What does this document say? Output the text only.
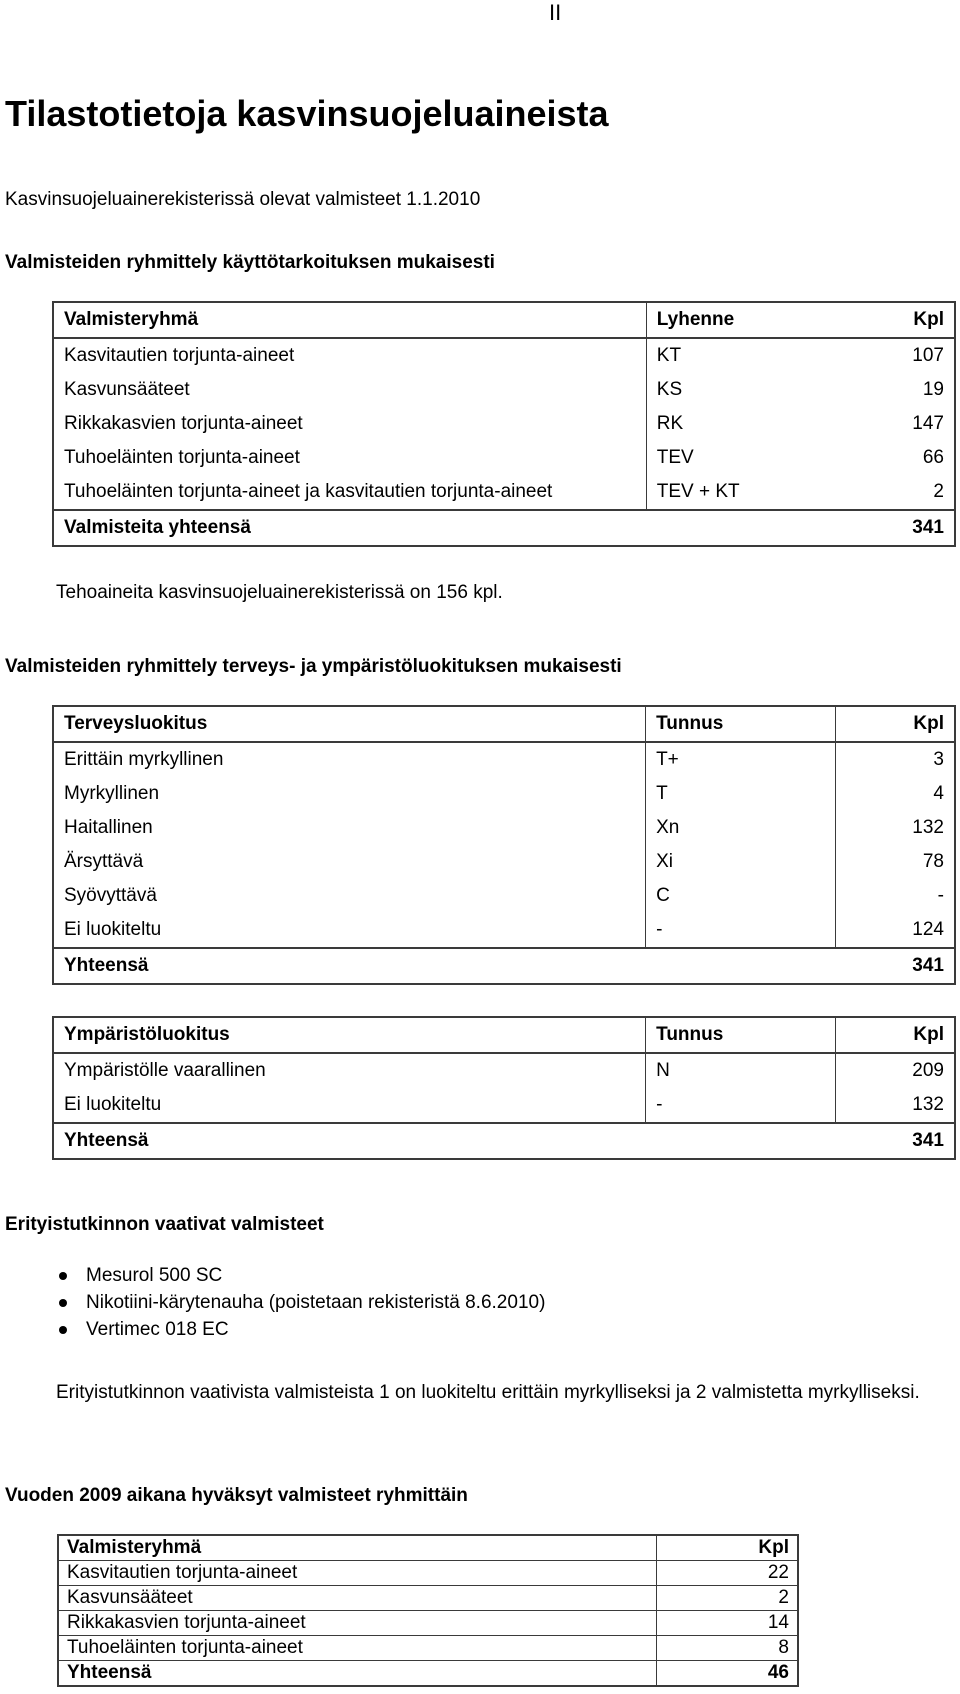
II
Tilastotietoja kasvinsuojeluaineista
Kasvinsuojeluainerekisterissä olevat valmisteet 1.1.2010
Valmisteiden ryhmittely käyttötarkoituksen mukaisesti
Valmisteryhmä	Lyhenne	Kpl
Kasvitautien torjunta-aineet	KT	107
Kasvunsääteet	KS	19
Rikkakasvien torjunta-aineet	RK	147
Tuhoeläinten torjunta-aineet	TEV	66
Tuhoeläinten torjunta-aineet ja kasvitautien torjunta-aineet	TEV + KT	2
Valmisteita yhteensä		341
Tehoaineita kasvinsuojeluainerekisterissä on 156 kpl.
Valmisteiden ryhmittely terveys- ja ympäristöluokituksen mukaisesti
Terveysluokitus	Tunnus	Kpl
Erittäin myrkyllinen	T+	3
Myrkyllinen	T	4
Haitallinen	Xn	132
Ärsyttävä	Xi	78
Syövyttävä	C	-
Ei luokiteltu	-	124
Yhteensä		341
Ympäristöluokitus	Tunnus	Kpl
Ympäristölle vaarallinen	N	209
Ei luokiteltu	-	132
Yhteensä		341
Erityistutkinnon vaativat valmisteet
Mesurol 500 SC
Nikotiini-kärytenauha (poistetaan rekisteristä 8.6.2010)
Vertimec 018 EC
Erityistutkinnon vaativista valmisteista 1 on luokiteltu erittäin myrkylliseksi ja 2 valmistetta myrkylliseksi.
Vuoden 2009 aikana hyväksyt valmisteet ryhmittäin
Valmisteryhmä	Kpl
Kasvitautien torjunta-aineet	22
Kasvunsääteet	2
Rikkakasvien torjunta-aineet	14
Tuhoeläinten torjunta-aineet	8
Yhteensä	46
